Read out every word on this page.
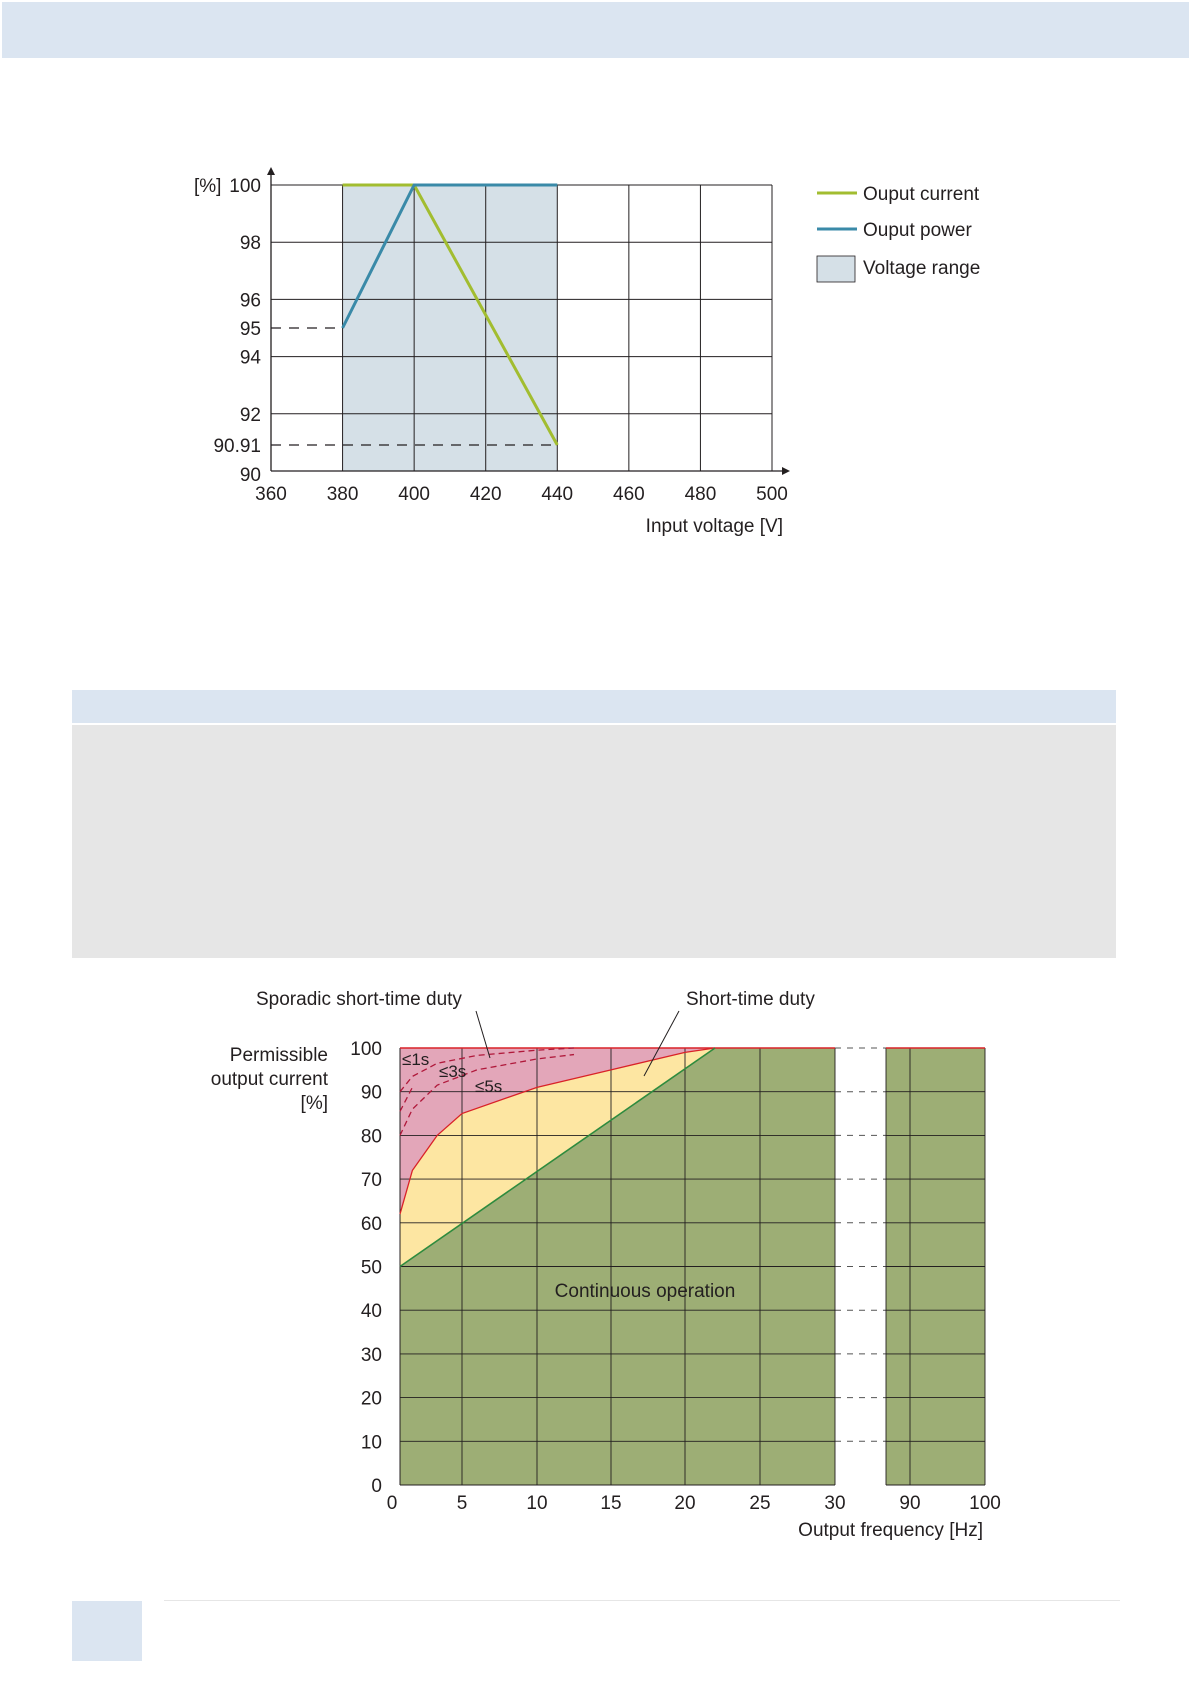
360 380 400 420 440 460 480 500
100
98
96
95
94
92
90.91
90
Input voltage [V]
[%]	Ouput current
Ouput power
Voltage range
0	5	10	15	20	25	30	90	100
0
10
20
30
40
50
60
70
80
90
100
Permissible
output current
[%]
Output frequency [Hz]
Continuous operation
Sporadic short-time duty	Short-time duty
≤1s
≤3s
≤5s
